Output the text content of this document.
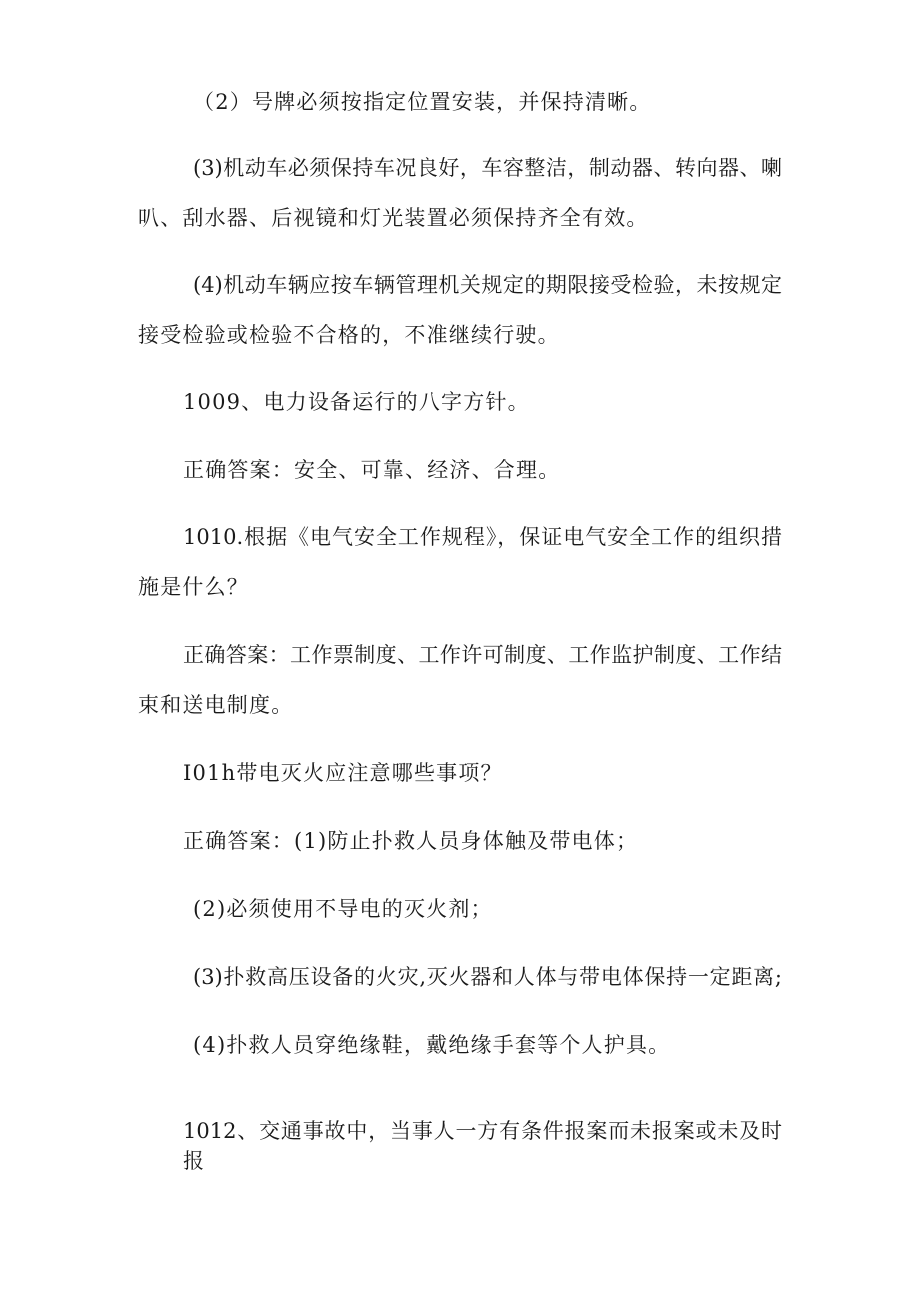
（2）号牌必须按指定位置安装，并保持清晰。
(3)机动车必须保持车况良好，车容整洁，制动器、转向器、喇
叭、刮水器、后视镜和灯光装置必须保持齐全有效。
(4)机动车辆应按车辆管理机关规定的期限接受检验，未按规定
接受检验或检验不合格的，不准继续行驶。
1009、电力设备运行的八字方针。
正确答案：安全、可靠、经济、合理。
1010.根据《电气安全工作规程》，保证电气安全工作的组织措
施是什么？
正确答案：工作票制度、工作许可制度、工作监护制度、工作结
束和送电制度。
I01h带电灭火应注意哪些事项？
正确答案：(1)防止扑救人员身体触及带电体；
(2)必须使用不导电的灭火剂；
(3)扑救高压设备的火灾,灭火器和人体与带电体保持一定距离;
(4)扑救人员穿绝缘鞋，戴绝缘手套等个人护具。
1012、交通事故中，当事人一方有条件报案而未报案或未及时报
